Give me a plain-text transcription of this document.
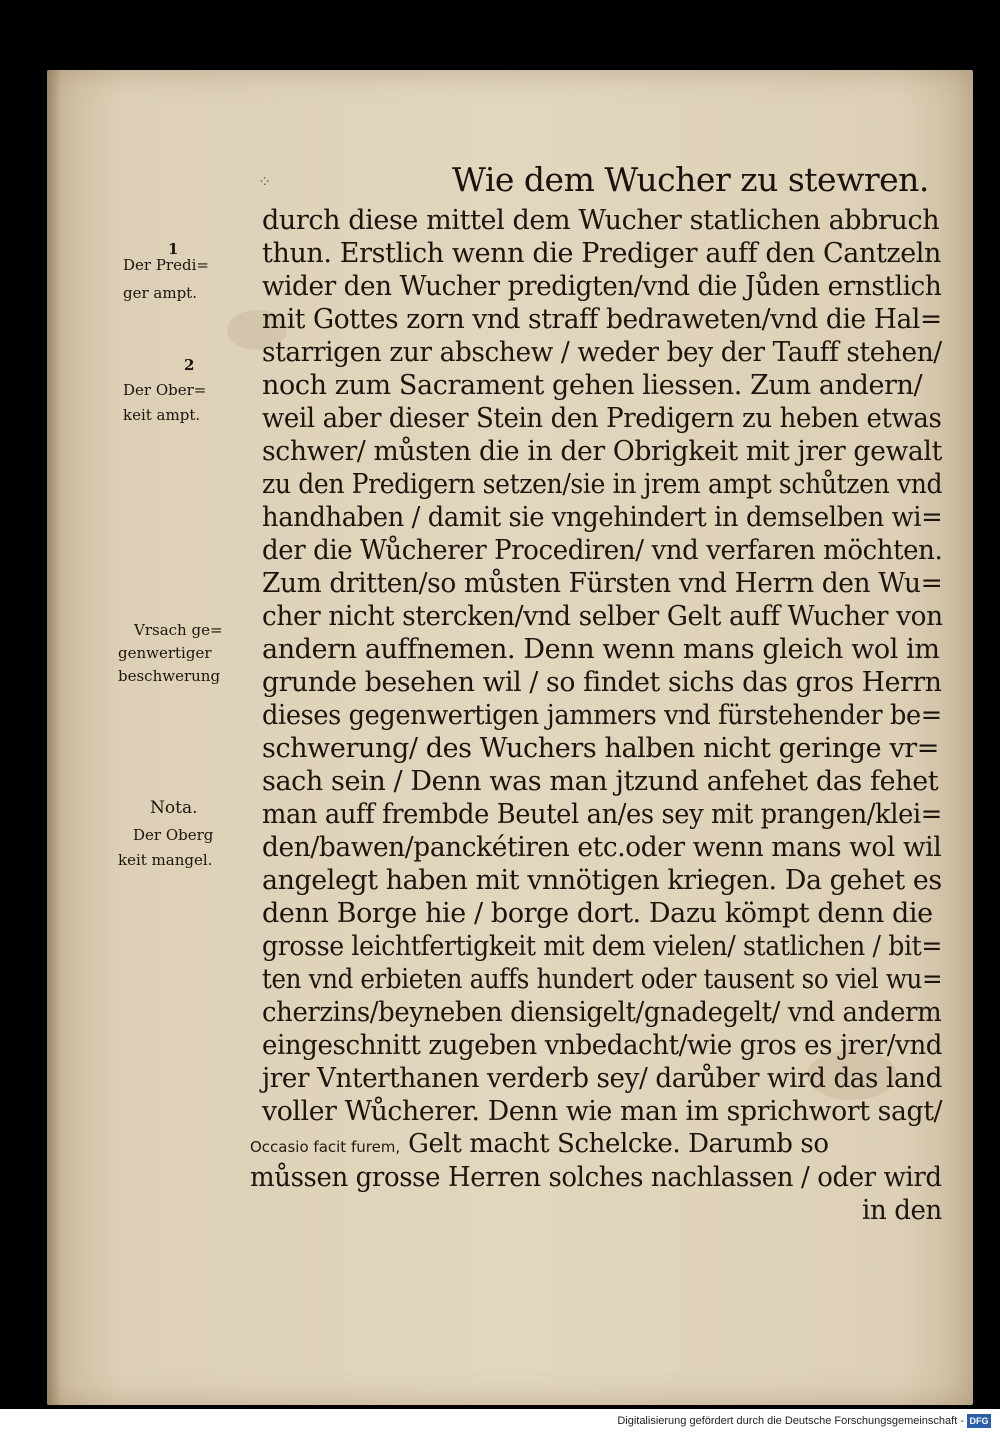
⁘	Wie dem Wucher zu stewren.
durch diese mittel dem Wucher statlichen abbruch
thun. Erstlich wenn die Prediger auff den Cantzeln
wider den Wucher predigten/vnd die Jůden ernstlich
mit Gottes zorn vnd straff bedraweten/vnd die Hal=
starrigen zur abschew / weder bey der Tauff stehen/
noch zum Sacrament gehen liessen. Zum andern/
weil aber dieser Stein den Predigern zu heben etwas
schwer/ můsten die in der Obrigkeit mit jrer gewalt
zu den Predigern setzen/sie in jrem ampt schůtzen vnd
handhaben / damit sie vngehindert in demselben wi=
der die Wůcherer Procediren/ vnd verfaren möchten.
Zum dritten/so můsten Fürsten vnd Herrn den Wu=
cher nicht stercken/vnd selber Gelt auff Wucher von
andern auffnemen. Denn wenn mans gleich wol im
grunde besehen wil / so findet sichs das gros Herrn
dieses gegenwertigen jammers vnd fürstehender be=
schwerung/ des Wuchers halben nicht geringe vr=
sach sein / Denn was man jtzund anfehet das fehet
man auff frembde Beutel an/es sey mit prangen/klei=
den/bawen/panckétiren etc.oder wenn mans wol wil
angelegt haben mit vnnötigen kriegen. Da gehet es
denn Borge hie / borge dort. Dazu kömpt denn die
grosse leichtfertigkeit mit dem vielen/ statlichen / bit=
ten vnd erbieten auffs hundert oder tausent so viel wu=
cherzins/beyneben diensigelt/gnadegelt/ vnd anderm
eingeschnitt zugeben vnbedacht/wie gros es jrer/vnd
jrer Vnterthanen verderb sey/ darůber wird das land
voller Wůcherer. Denn wie man im sprichwort sagt/
Occasio facit furem, Gelt macht Schelcke. Darumb so
můssen grosse Herren solches nachlassen / oder wird
in den
1
Der Predi=
ger ampt.
2
Der Ober=
keit ampt.
Vrsach ge=
genwertiger
beschwerung
Nota.
Der Oberg
keit mangel.
Digitalisierung gefördert durch die Deutsche Forschungsgemeinschaft - DFG
